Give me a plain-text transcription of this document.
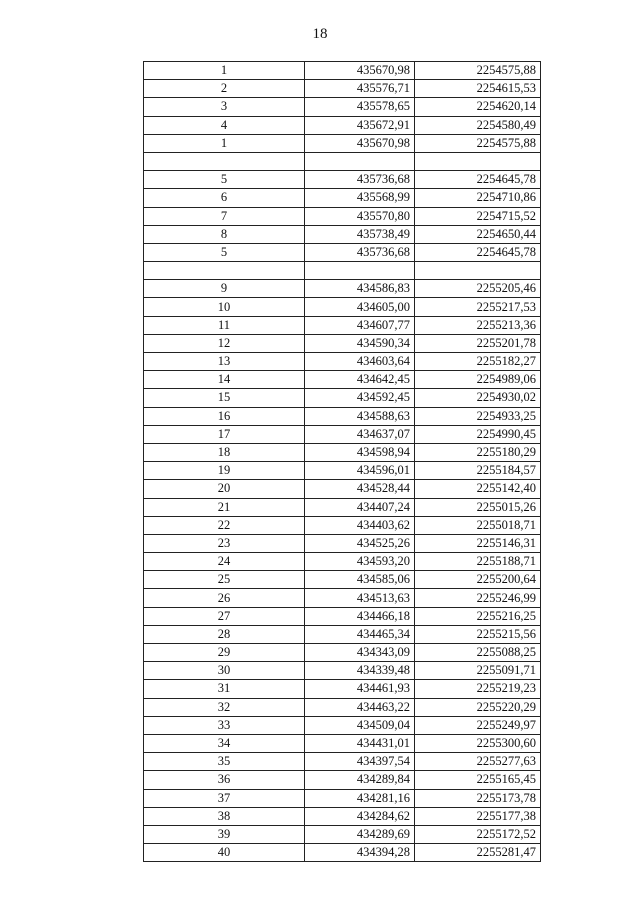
18
1	435670,98	2254575,88
2	435576,71	2254615,53
3	435578,65	2254620,14
4	435672,91	2254580,49
1	435670,98	2254575,88

5	435736,68	2254645,78
6	435568,99	2254710,86
7	435570,80	2254715,52
8	435738,49	2254650,44
5	435736,68	2254645,78

9	434586,83	2255205,46
10	434605,00	2255217,53
11	434607,77	2255213,36
12	434590,34	2255201,78
13	434603,64	2255182,27
14	434642,45	2254989,06
15	434592,45	2254930,02
16	434588,63	2254933,25
17	434637,07	2254990,45
18	434598,94	2255180,29
19	434596,01	2255184,57
20	434528,44	2255142,40
21	434407,24	2255015,26
22	434403,62	2255018,71
23	434525,26	2255146,31
24	434593,20	2255188,71
25	434585,06	2255200,64
26	434513,63	2255246,99
27	434466,18	2255216,25
28	434465,34	2255215,56
29	434343,09	2255088,25
30	434339,48	2255091,71
31	434461,93	2255219,23
32	434463,22	2255220,29
33	434509,04	2255249,97
34	434431,01	2255300,60
35	434397,54	2255277,63
36	434289,84	2255165,45
37	434281,16	2255173,78
38	434284,62	2255177,38
39	434289,69	2255172,52
40	434394,28	2255281,47
